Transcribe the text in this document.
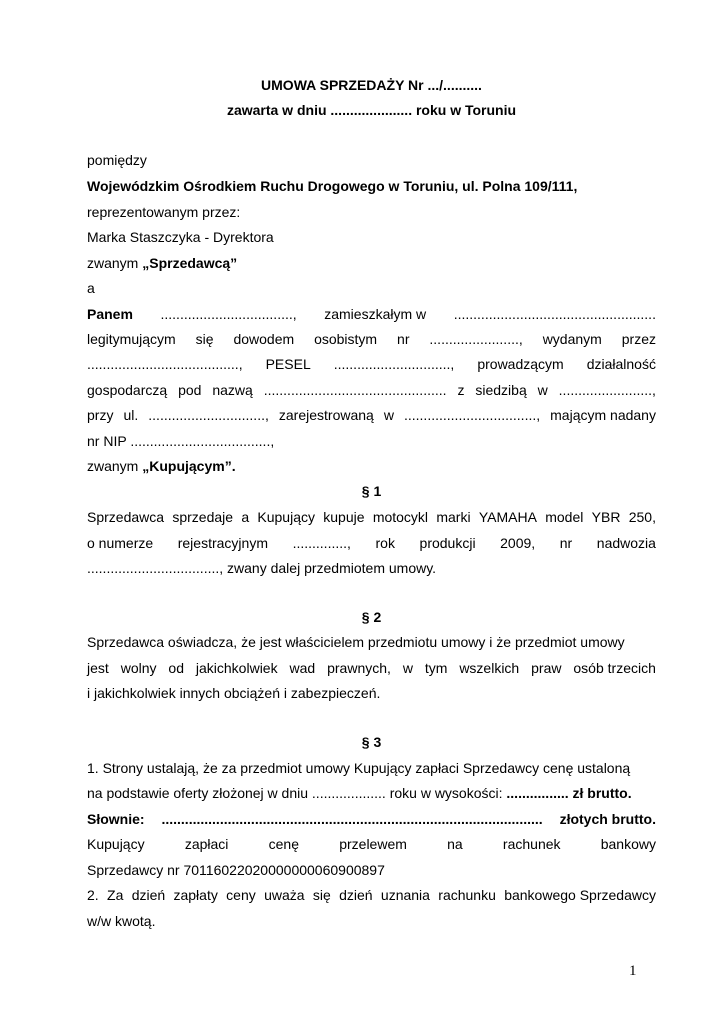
UMOWA SPRZEDAŻY Nr .../..........
zawarta w dniu ..................... roku w Toruniu
pomiędzy
Wojewódzkim Ośrodkiem Ruchu Drogowego w Toruniu, ul. Polna 109/111,
reprezentowanym przez:
Marka Staszczyka - Dyrektora
zwanym „Sprzedawcą”
a
Panem .................................., zamieszkałym w ....................................................
legitymującym się dowodem osobistym nr ......................., wydanym przez
......................................., PESEL .............................., prowadzącym działalność
gospodarczą pod nazwą ............................................... z siedzibą w ........................,
przy ul. .............................., zarejestrowaną w .................................., mającym nadany
nr NIP ....................................,
zwanym „Kupującym”.
§ 1
Sprzedawca sprzedaje a Kupujący kupuje motocykl marki YAMAHA model YBR 250,
o numerze rejestracyjnym .............., rok produkcji 2009, nr nadwozia
.................................., zwany dalej przedmiotem umowy.
§ 2
Sprzedawca oświadcza, że jest właścicielem przedmiotu umowy i że przedmiot umowy
jest wolny od jakichkolwiek wad prawnych, w tym wszelkich praw osób trzecich
i jakichkolwiek innych obciążeń i zabezpieczeń.
§ 3
1. Strony ustalają, że za przedmiot umowy Kupujący zapłaci Sprzedawcy cenę ustaloną
na podstawie oferty złożonej w dniu ................... roku w wysokości: ................ zł brutto.
Słownie: .................................................................................................. złotych brutto.
Kupujący	zapłaci	cenę	przelewem	na	rachunek	bankowy
Sprzedawcy nr 70116022020000000060900897
2. Za dzień zapłaty ceny uważa się dzień uznania rachunku bankowego Sprzedawcy
w/w kwotą.
1
